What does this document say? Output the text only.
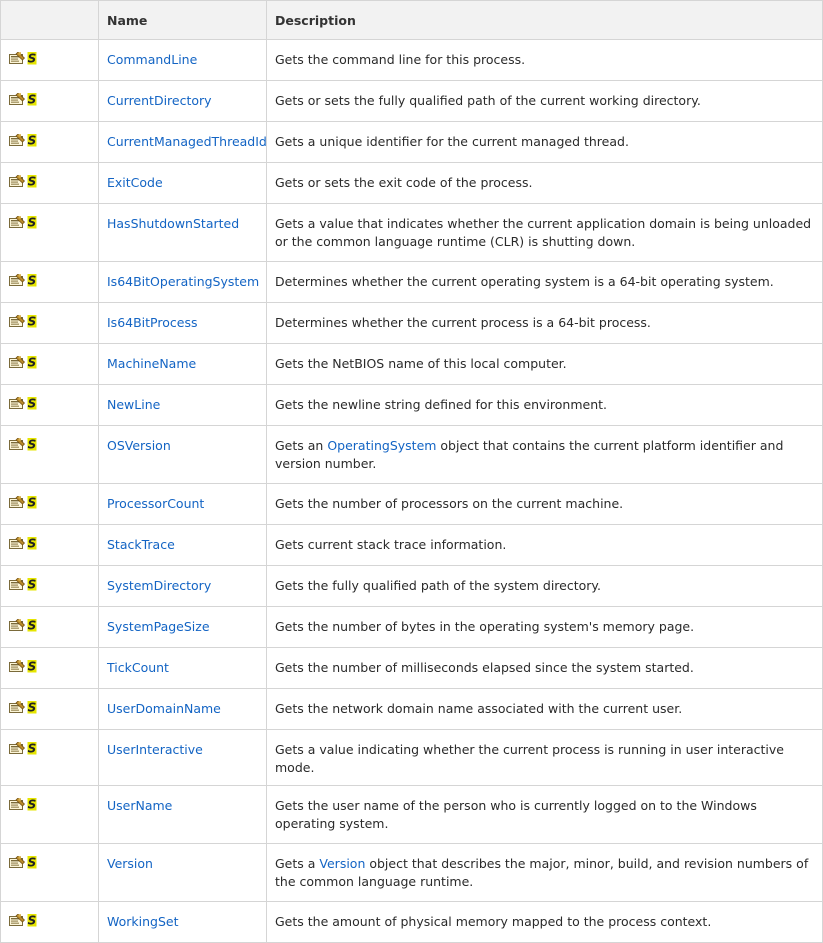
	Name	Description

S	CommandLine	Gets the command line for this process.

S	CurrentDirectory	Gets or sets the fully qualified path of the current working directory.

S	CurrentManagedThreadId	Gets a unique identifier for the current managed thread.

S	ExitCode	Gets or sets the exit code of the process.

S	HasShutdownStarted	Gets a value that indicates whether the current application domain is being unloaded or the common language runtime (CLR) is shutting down.

S	Is64BitOperatingSystem	Determines whether the current operating system is a 64-bit operating system.

S	Is64BitProcess	Determines whether the current process is a 64-bit process.

S	MachineName	Gets the NetBIOS name of this local computer.

S	NewLine	Gets the newline string defined for this environment.

S	OSVersion	Gets an OperatingSystem object that contains the current platform identifier and version number.

S	ProcessorCount	Gets the number of processors on the current machine.

S	StackTrace	Gets current stack trace information.

S	SystemDirectory	Gets the fully qualified path of the system directory.

S	SystemPageSize	Gets the number of bytes in the operating system's memory page.

S	TickCount	Gets the number of milliseconds elapsed since the system started.

S	UserDomainName	Gets the network domain name associated with the current user.

S	UserInteractive	Gets a value indicating whether the current process is running in user interactive mode.

S	UserName	Gets the user name of the person who is currently logged on to the Windows operating system.

S	Version	Gets a Version object that describes the major, minor, build, and revision numbers of the common language runtime.

S	WorkingSet	Gets the amount of physical memory mapped to the process context.
